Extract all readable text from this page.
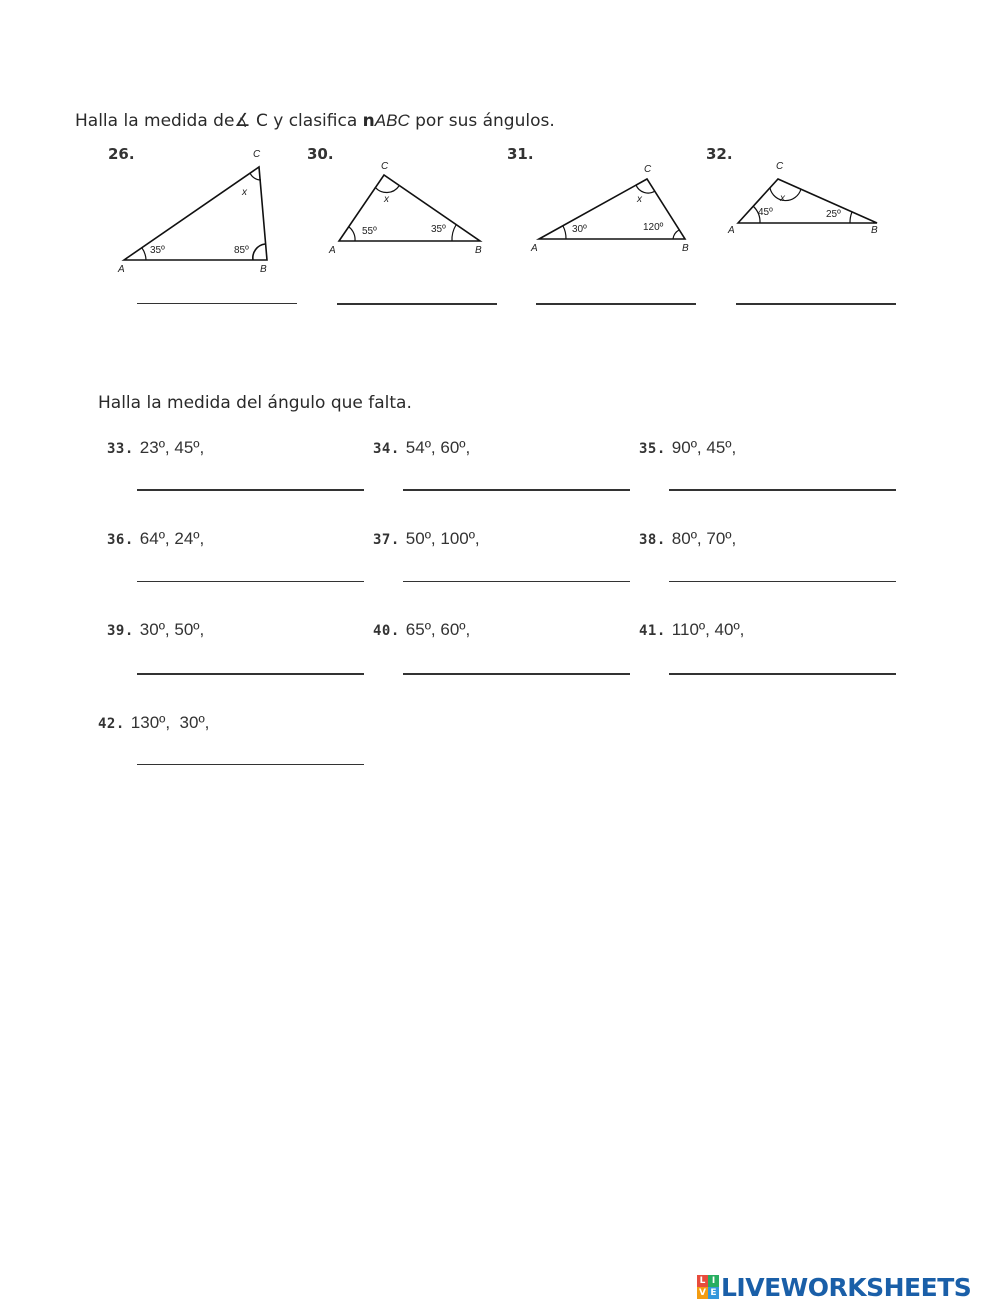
Halla la medida de∡ C y clasifica nABC por sus ángulos.
26.	C
x
35º	85º
A	B
30.
C
x
55º	35º
A	B
31.
C
x
30º	120º
A	B
32.
C
x
45º	25º
A	B
Halla la medida del ángulo que falta.
33. 23º, 45º,	34. 54º, 60º,	35. 90º, 45º,
36. 64º, 24º,	37. 50º, 100º,	38. 80º, 70º,
39. 30º, 50º,	40. 65º, 60º,	41. 110º, 40º,
42. 130º,  30º,
L I
V E LIVEWORKSHEETS
